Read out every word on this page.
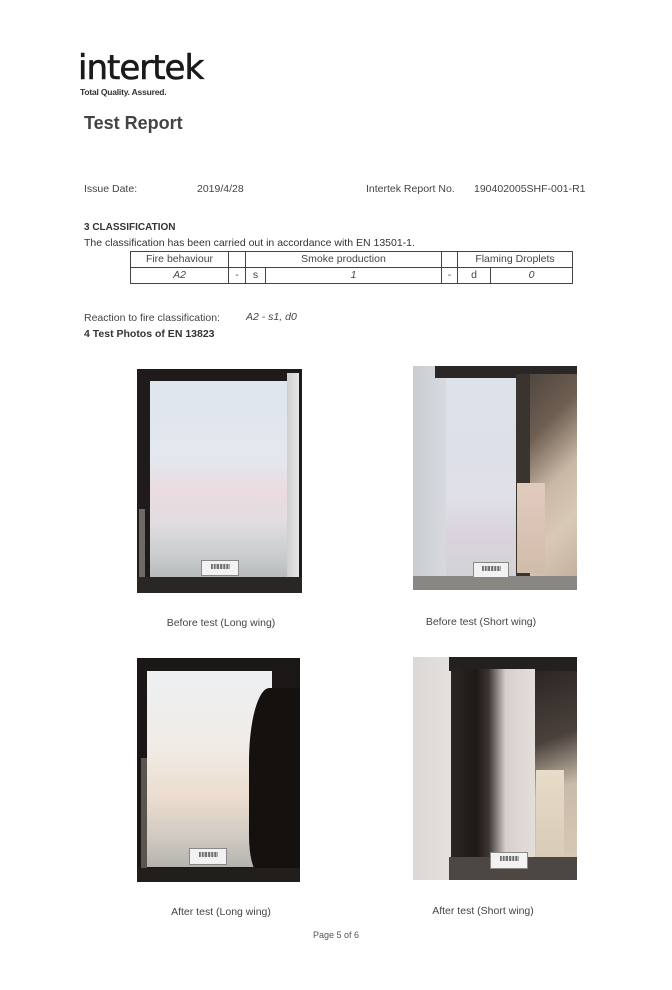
intertek
Total Quality. Assured.
Test Report
Issue Date:	2019/4/28	Intertek Report No. 190402005SHF-001-R1
3 CLASSIFICATION
The classification has been carried out in accordance with EN 13501-1.
Fire behaviour		Smoke production			Flaming Droplets	
A2	-	s	1	-	d	0
Reaction to fire classification: A2 - s1, d0
4 Test Photos of EN 13823
ⅡⅠⅢⅡⅡⅠⅡ	ⅡⅠⅢⅡⅡⅠⅡ
ⅡⅠⅢⅡⅡⅠⅡ	ⅡⅠⅢⅡⅡⅠⅡ
Before test (Long wing)	Before test (Short wing)
After test (Long wing)	After test (Short wing)
Page 5 of 6
